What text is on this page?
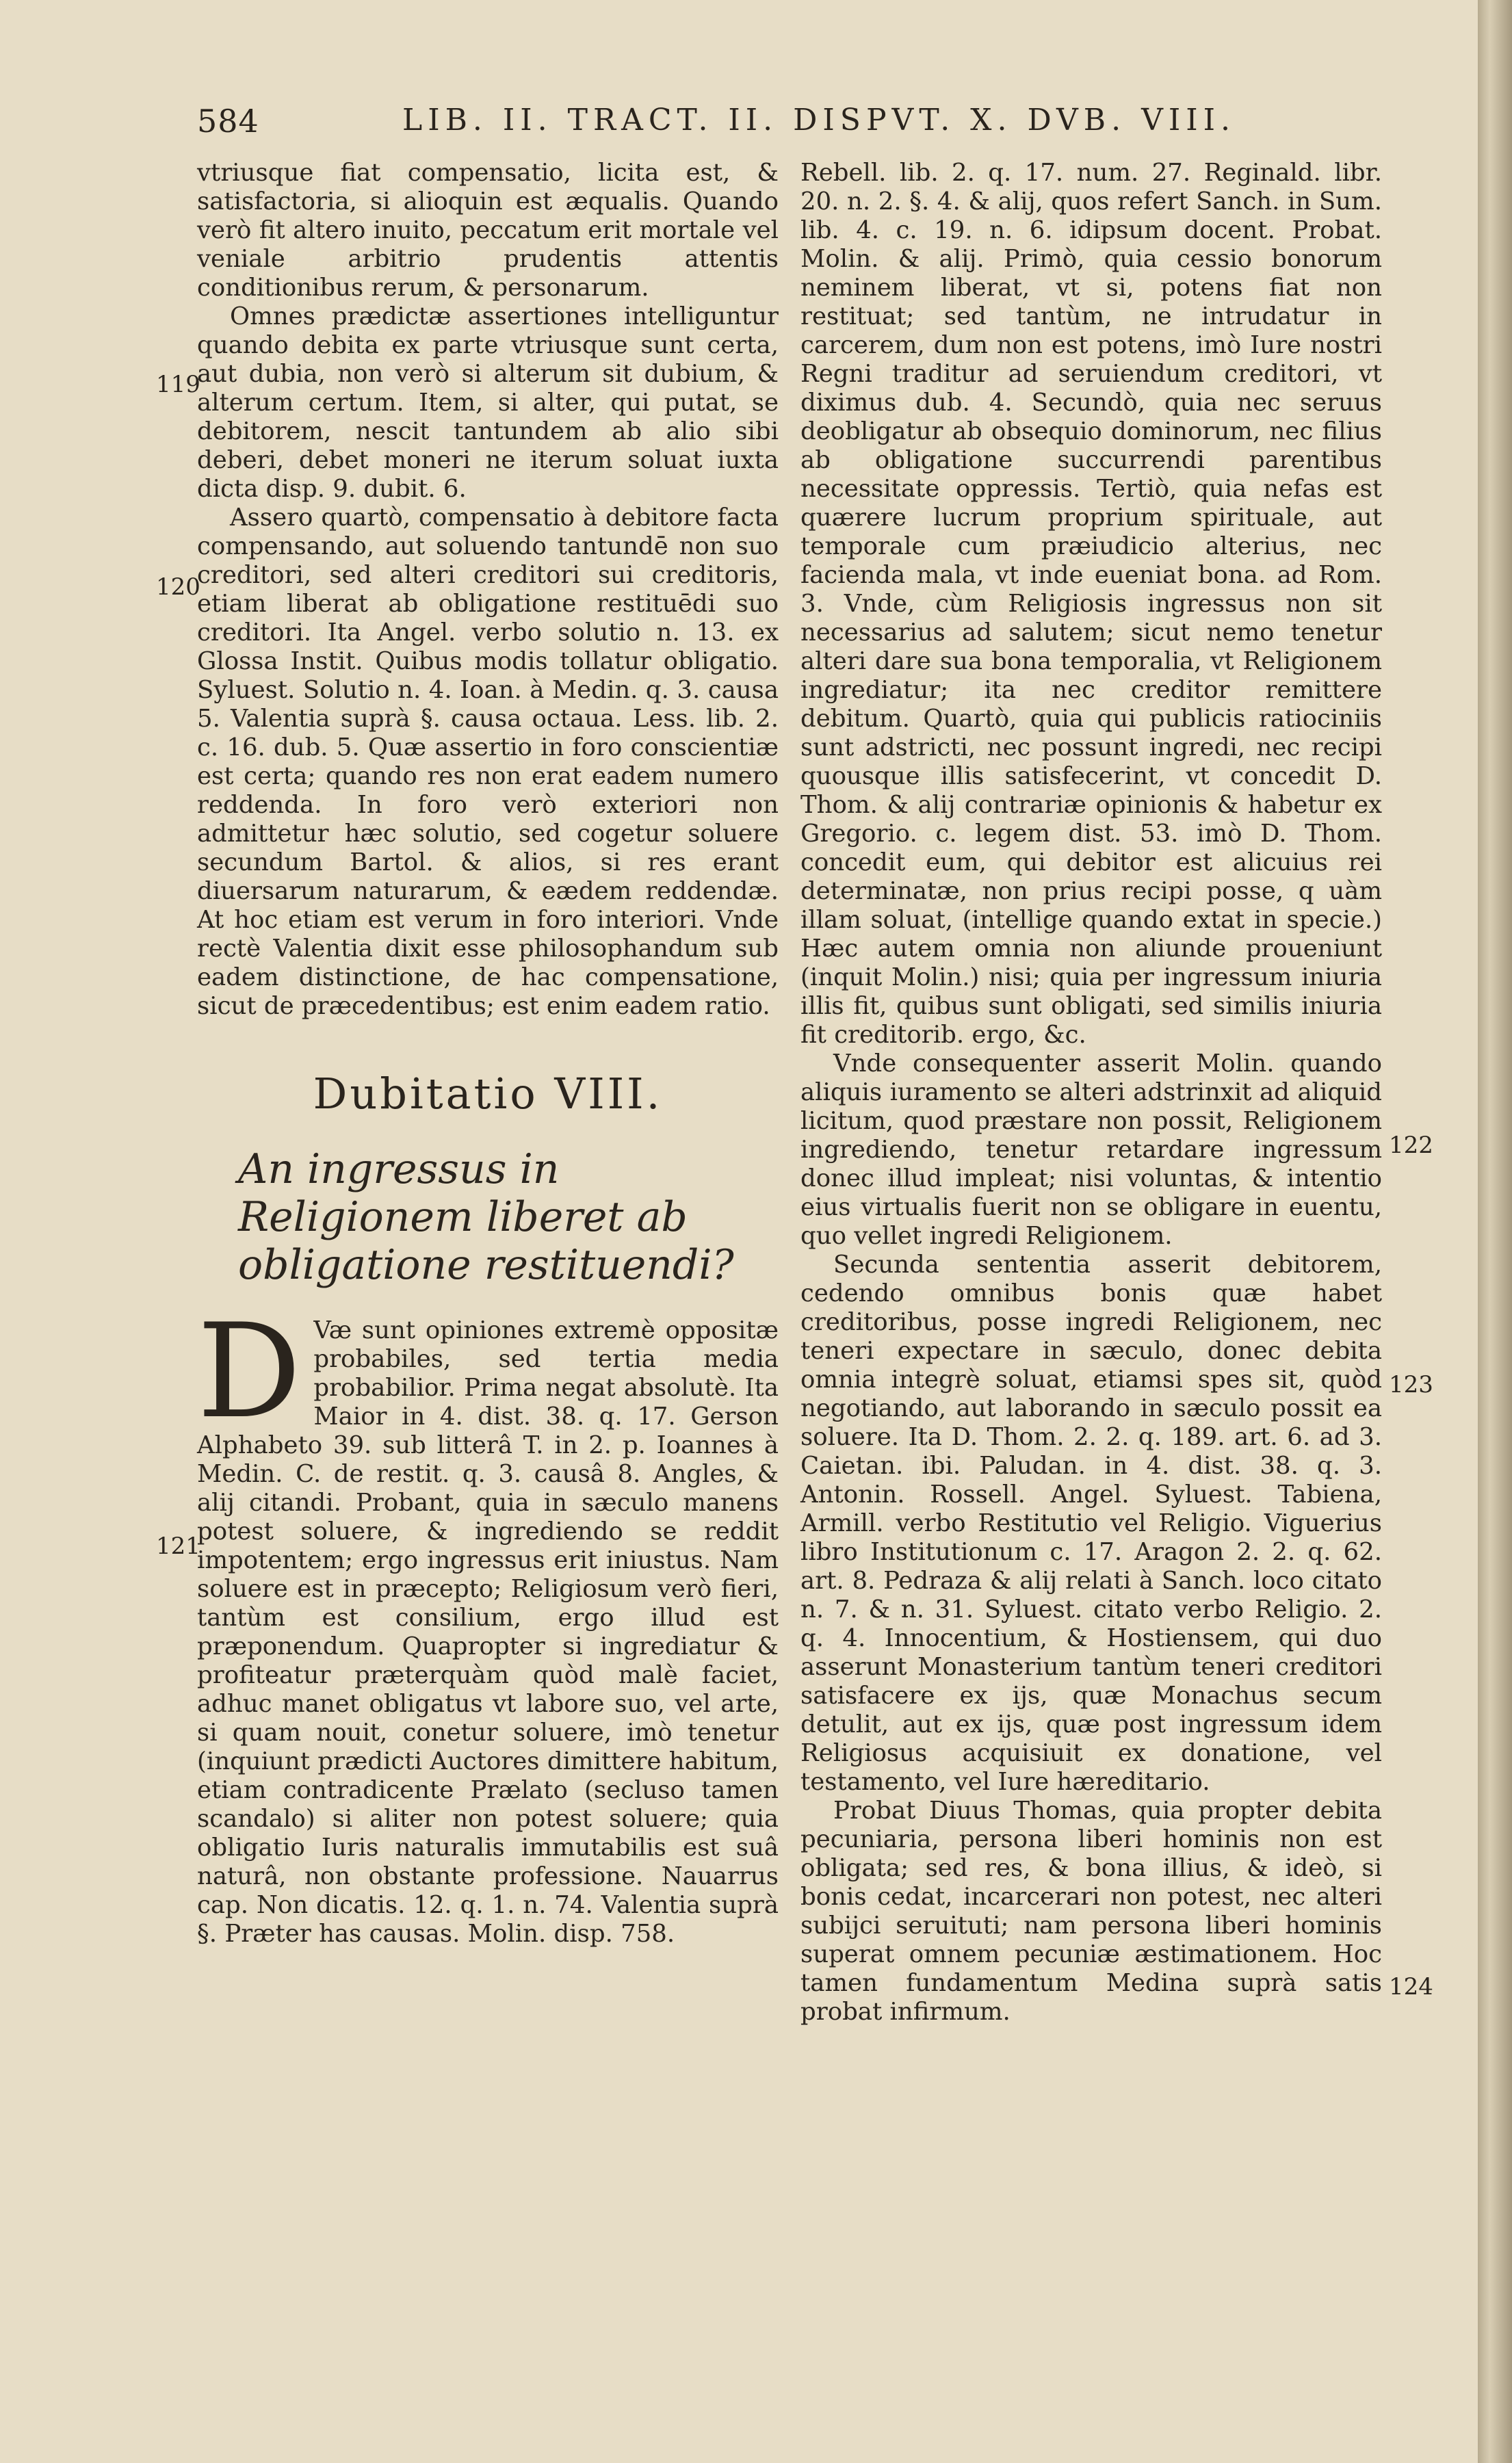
584	LIB. II. TRACT. II. DISPVT. X. DVB. VIII.

vtriusque fiat compensatio, licita est, & satisfactoria, si alioquin est æqualis. Quando verò fit altero inuito, peccatum erit mortale vel veniale arbitrio prudentis attentis conditionibus rerum, & personarum.

Omnes prædictæ assertiones intelliguntur quando debita ex parte vtriusque sunt certa, aut dubia, non verò si alterum sit dubium, & alterum certum. Item, si alter, qui putat, se debitorem, nescit tantundem ab alio sibi deberi, debet moneri ne iterum soluat iuxta dicta disp. 9. dubit. 6.

Assero quartò, compensatio à debitore facta compensando, aut soluendo tantundē non suo creditori, sed alteri creditori sui creditoris, etiam liberat ab obligatione restituēdi suo creditori. Ita Angel. verbo solutio n. 13. ex Glossa Instit. Quibus modis tollatur obligatio. Syluest. Solutio n. 4. Ioan. à Medin. q. 3. causa 5. Valentia suprà §. causa octaua. Less. lib. 2. c. 16. dub. 5. Quæ assertio in foro conscientiæ est certa; quando res non erat eadem numero reddenda. In foro verò exteriori non admittetur hæc solutio, sed cogetur soluere secundum Bartol. & alios, si res erant diuersarum naturarum, & eædem reddendæ. At hoc etiam est verum in foro interiori. Vnde rectè Valentia dixit esse philosophandum sub eadem distinctione, de hac compensatione, sicut de præcedentibus; est enim eadem ratio.

Dubitatio VIII.
An ingressus in Religionem liberet ab obligatione restituendi?

D Væ sunt opiniones extremè oppositæ probabiles, sed tertia media probabilior. Prima negat absolutè. Ita Maior in 4. dist. 38. q. 17. Gerson Alphabeto 39. sub litterâ T. in 2. p. Ioannes à Medin. C. de restit. q. 3. causâ 8. Angles, & alij citandi. Probant, quia in sæculo manens potest soluere, & ingrediendo se reddit impotentem; ergo ingressus erit iniustus. Nam soluere est in præcepto; Religiosum verò fieri, tantùm est consilium, ergo illud est præponendum. Quapropter si ingrediatur & profiteatur præterquàm quòd malè faciet, adhuc manet obligatus vt labore suo, vel arte, si quam nouit, conetur soluere, imò tenetur (inquiunt prædicti Auctores dimittere habitum, etiam contradicente Prælato (secluso tamen scandalo) si aliter non potest soluere; quia obligatio Iuris naturalis immutabilis est suâ naturâ, non obstante professione. Nauarrus cap. Non dicatis. 12. q. 1. n. 74. Valentia suprà §. Præter has causas. Molin. disp. 758.

Rebell. lib. 2. q. 17. num. 27. Reginald. libr. 20. n. 2. §. 4. & alij, quos refert Sanch. in Sum. lib. 4. c. 19. n. 6. idipsum docent. Probat. Molin. & alij. Primò, quia cessio bonorum neminem liberat, vt si, potens fiat non restituat; sed tantùm, ne intrudatur in carcerem, dum non est potens, imò Iure nostri Regni traditur ad seruiendum creditori, vt diximus dub. 4. Secundò, quia nec seruus deobligatur ab obsequio dominorum, nec filius ab obligatione succurrendi parentibus necessitate oppressis. Tertiò, quia nefas est quærere lucrum proprium spirituale, aut temporale cum præiudicio alterius, nec facienda mala, vt inde eueniat bona. ad Rom. 3. Vnde, cùm Religiosis ingressus non sit necessarius ad salutem; sicut nemo tenetur alteri dare sua bona temporalia, vt Religionem ingrediatur; ita nec creditor remittere debitum. Quartò, quia qui publicis ratiociniis sunt adstricti, nec possunt ingredi, nec recipi quousque illis satisfecerint, vt concedit D. Thom. & alij contrariæ opinionis & habetur ex Gregorio. c. legem dist. 53. imò D. Thom. concedit eum, qui debitor est alicuius rei determinatæ, non prius recipi posse, q uàm illam soluat, (intellige quando extat in specie.) Hæc autem omnia non aliunde proueniunt (inquit Molin.) nisi; quia per ingressum iniuria illis fit, quibus sunt obligati, sed similis iniuria fit creditorib. ergo, &c.

Vnde consequenter asserit Molin. quando aliquis iuramento se alteri adstrinxit ad aliquid licitum, quod præstare non possit, Religionem ingrediendo, tenetur retardare ingressum donec illud impleat; nisi voluntas, & intentio eius virtualis fuerit non se obligare in euentu, quo vellet ingredi Religionem.

Secunda sententia asserit debitorem, cedendo omnibus bonis quæ habet creditoribus, posse ingredi Religionem, nec teneri expectare in sæculo, donec debita omnia integrè soluat, etiamsi spes sit, quòd negotiando, aut laborando in sæculo possit ea soluere. Ita D. Thom. 2. 2. q. 189. art. 6. ad 3. Caietan. ibi. Paludan. in 4. dist. 38. q. 3. Antonin. Rossell. Angel. Syluest. Tabiena, Armill. verbo Restitutio vel Religio. Viguerius libro Institutionum c. 17. Aragon 2. 2. q. 62. art. 8. Pedraza & alij relati à Sanch. loco citato n. 7. & n. 31. Syluest. citato verbo Religio. 2. q. 4. Innocentium, & Hostiensem, qui duo asserunt Monasterium tantùm teneri creditori satisfacere ex ijs, quæ Monachus secum detulit, aut ex ijs, quæ post ingressum idem Religiosus acquisiuit ex donatione, vel testamento, vel Iure hæreditario.

Probat Diuus Thomas, quia propter debita pecuniaria, persona liberi hominis non est obligata; sed res, & bona illius, & ideò, si bonis cedat, incarcerari non potest, nec alteri subijci seruituti; nam persona liberi hominis superat omnem pecuniæ æstimationem. Hoc tamen fundamentum Medina suprà satis probat infirmum.

119
120
121
122
123
124
